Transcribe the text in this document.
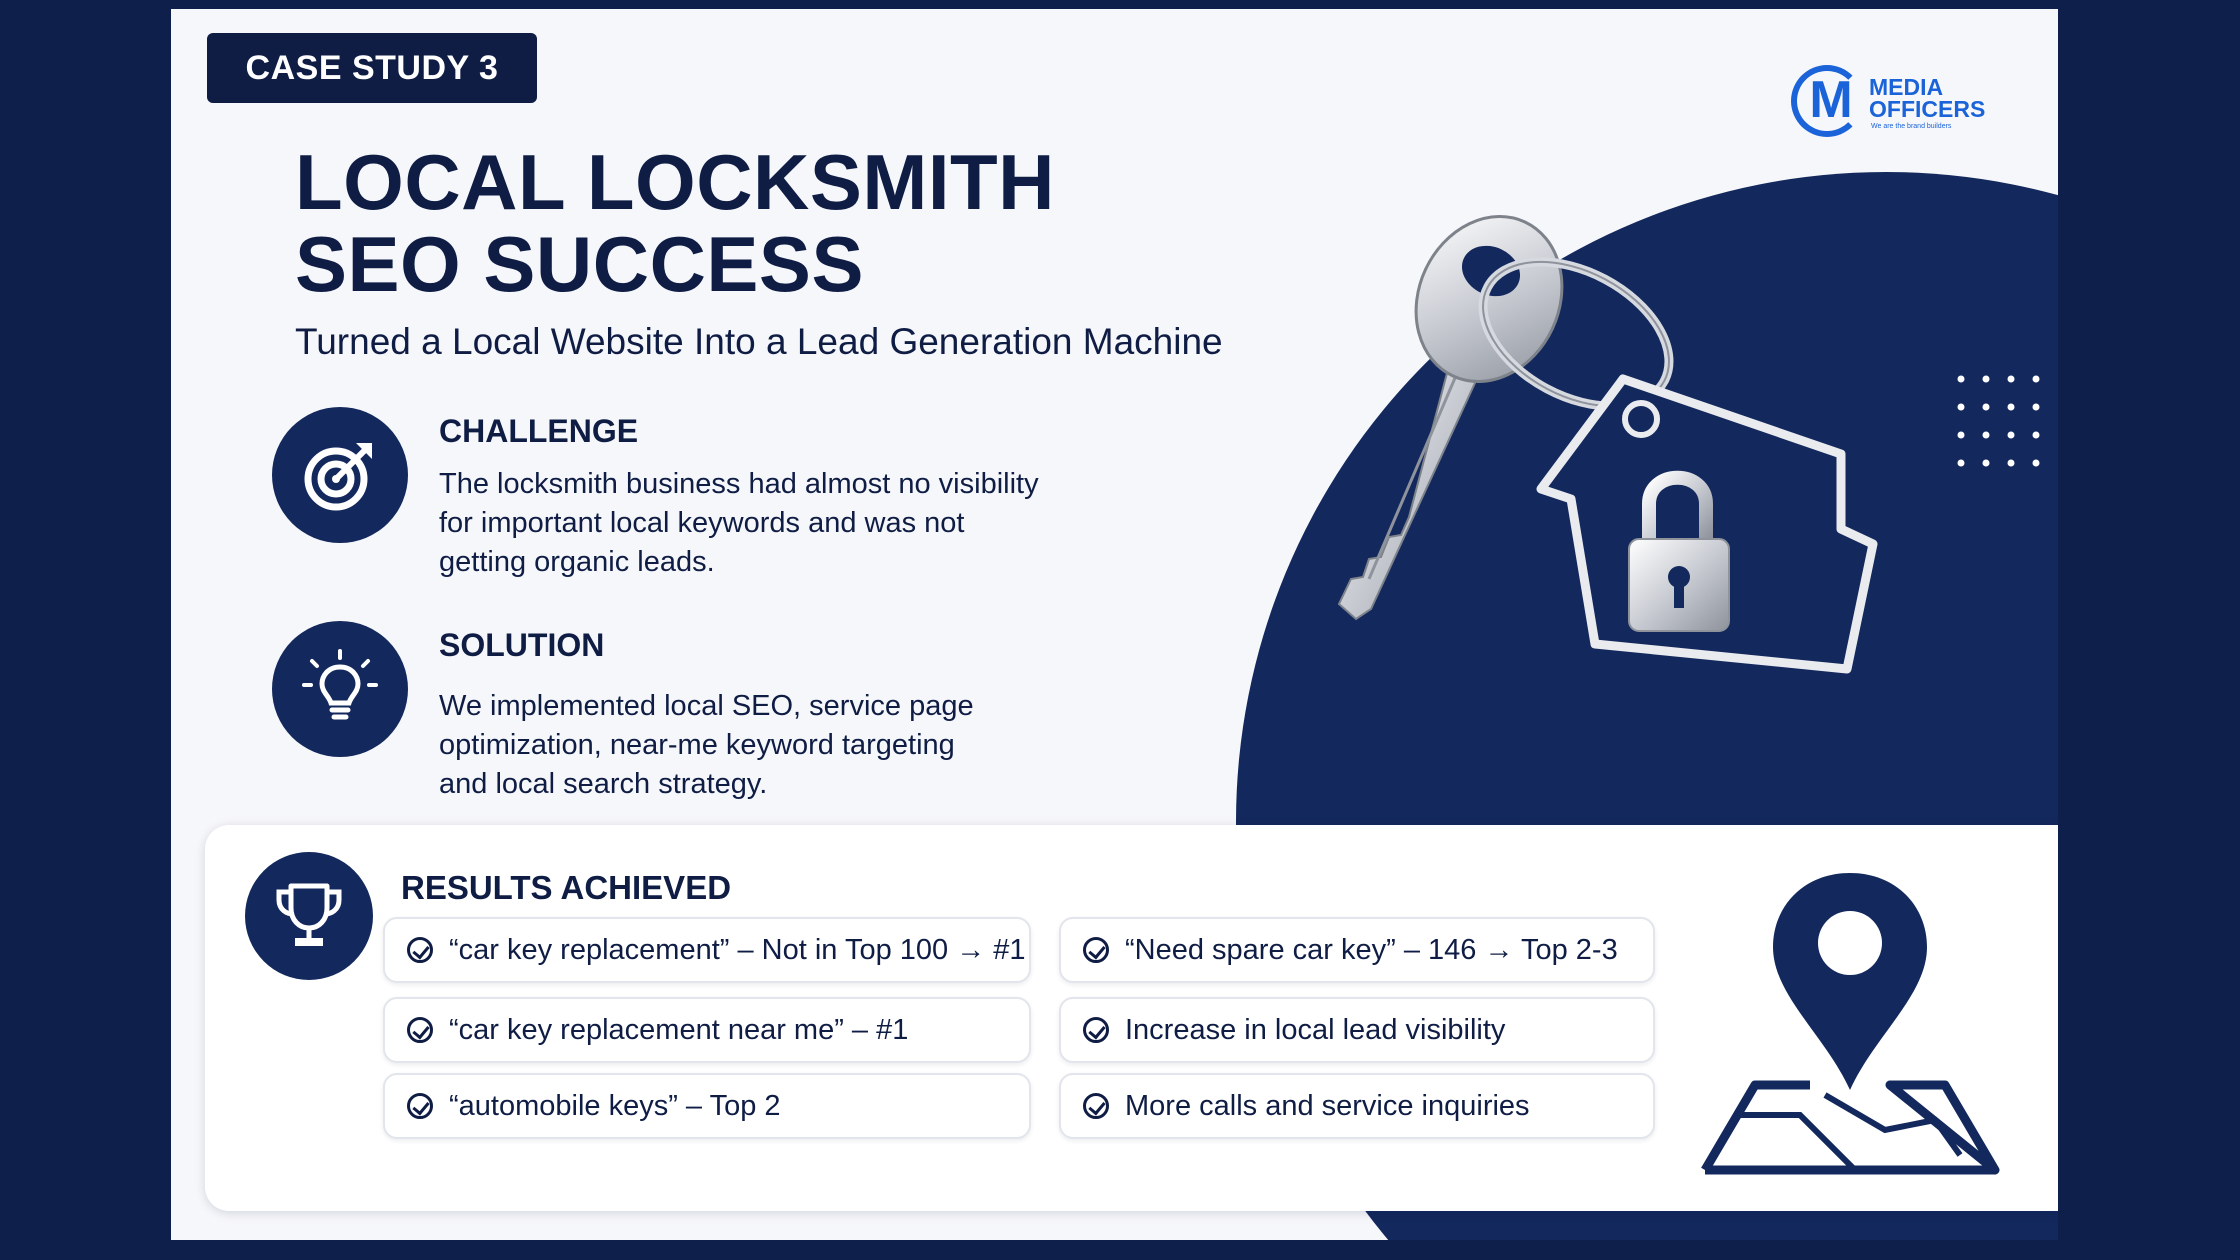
CASE STUDY 3
M MEDIA
OFFICERS
We are the brand builders
LOCAL LOCKSMITH
SEO SUCCESS
Turned a Local Website Into a Lead Generation Machine
CHALLENGE
The locksmith business had almost no visibility
for important local keywords and was not
getting organic leads.
SOLUTION
We implemented local SEO, service page
optimization, near-me keyword targeting
and local search strategy.
RESULTS ACHIEVED
“car key replacement” – Not in Top 100 → #1
“car key replacement near me” – #1
“automobile keys” – Top 2
“Need spare car key” – 146 → Top 2-3
Increase in local lead visibility
More calls and service inquiries
